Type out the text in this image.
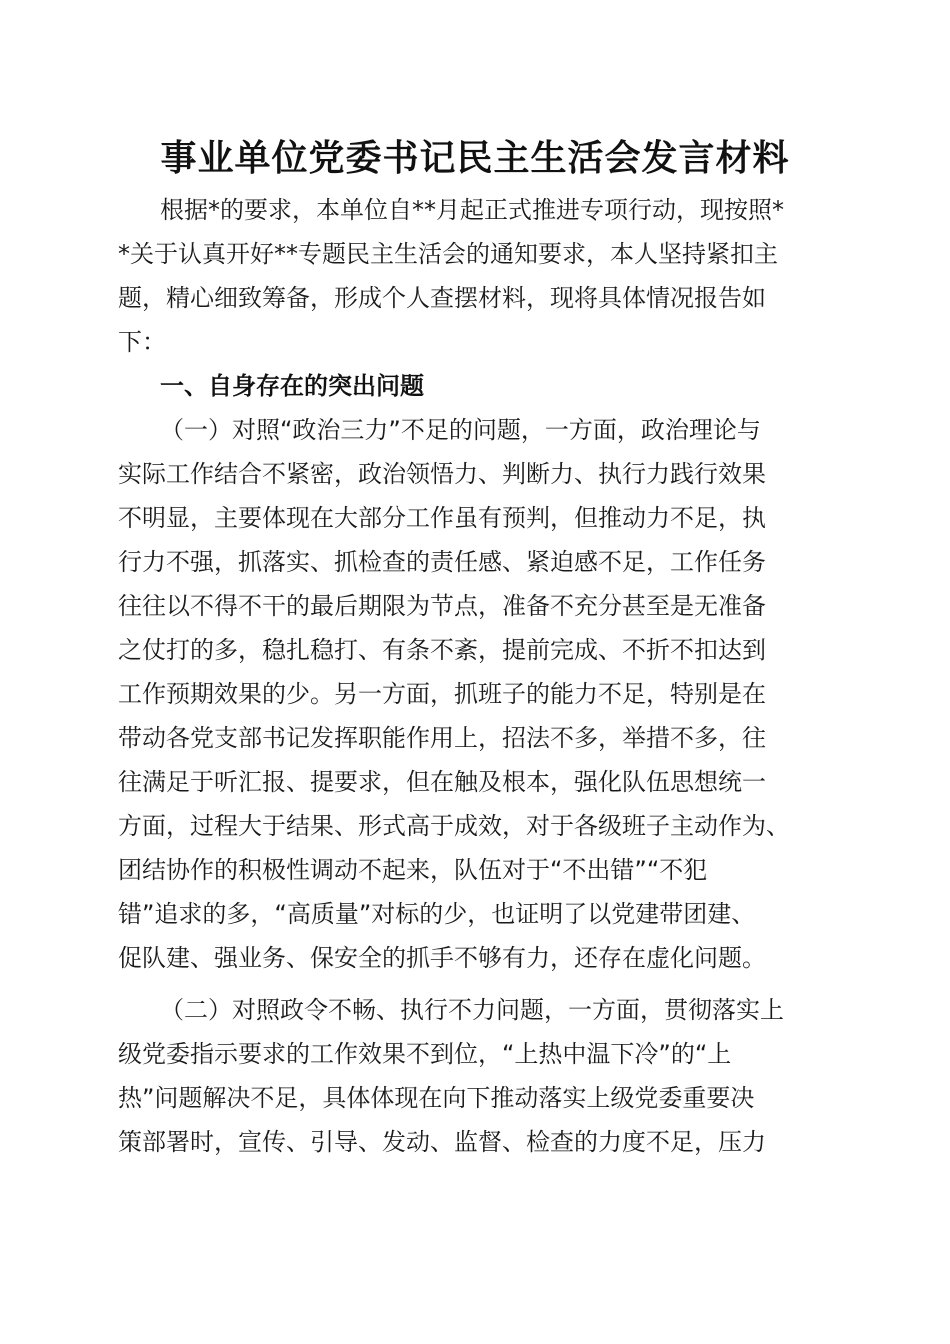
事业单位党委书记民主生活会发言材料
根据*的要求，本单位自**月起正式推进专项行动，现按照*
*关于认真开好**专题民主生活会的通知要求，本人坚持紧扣主
题，精心细致筹备，形成个人查摆材料，现将具体情况报告如
下：
一、自身存在的突出问题
（一）对照“政治三力”不足的问题，一方面，政治理论与
实际工作结合不紧密，政治领悟力、判断力、执行力践行效果
不明显，主要体现在大部分工作虽有预判，但推动力不足，执
行力不强，抓落实、抓检查的责任感、紧迫感不足，工作任务
往往以不得不干的最后期限为节点，准备不充分甚至是无准备
之仗打的多，稳扎稳打、有条不紊，提前完成、不折不扣达到
工作预期效果的少。另一方面，抓班子的能力不足，特别是在
带动各党支部书记发挥职能作用上，招法不多，举措不多，往
往满足于听汇报、提要求，但在触及根本，强化队伍思想统一
方面，过程大于结果、形式高于成效，对于各级班子主动作为、
团结协作的积极性调动不起来，队伍对于“不出错”“不犯
错”追求的多，“高质量”对标的少，也证明了以党建带团建、
促队建、强业务、保安全的抓手不够有力，还存在虚化问题。
（二）对照政令不畅、执行不力问题，一方面，贯彻落实上
级党委指示要求的工作效果不到位，“上热中温下冷”的“上
热”问题解决不足，具体体现在向下推动落实上级党委重要决
策部署时，宣传、引导、发动、监督、检查的力度不足，压力
